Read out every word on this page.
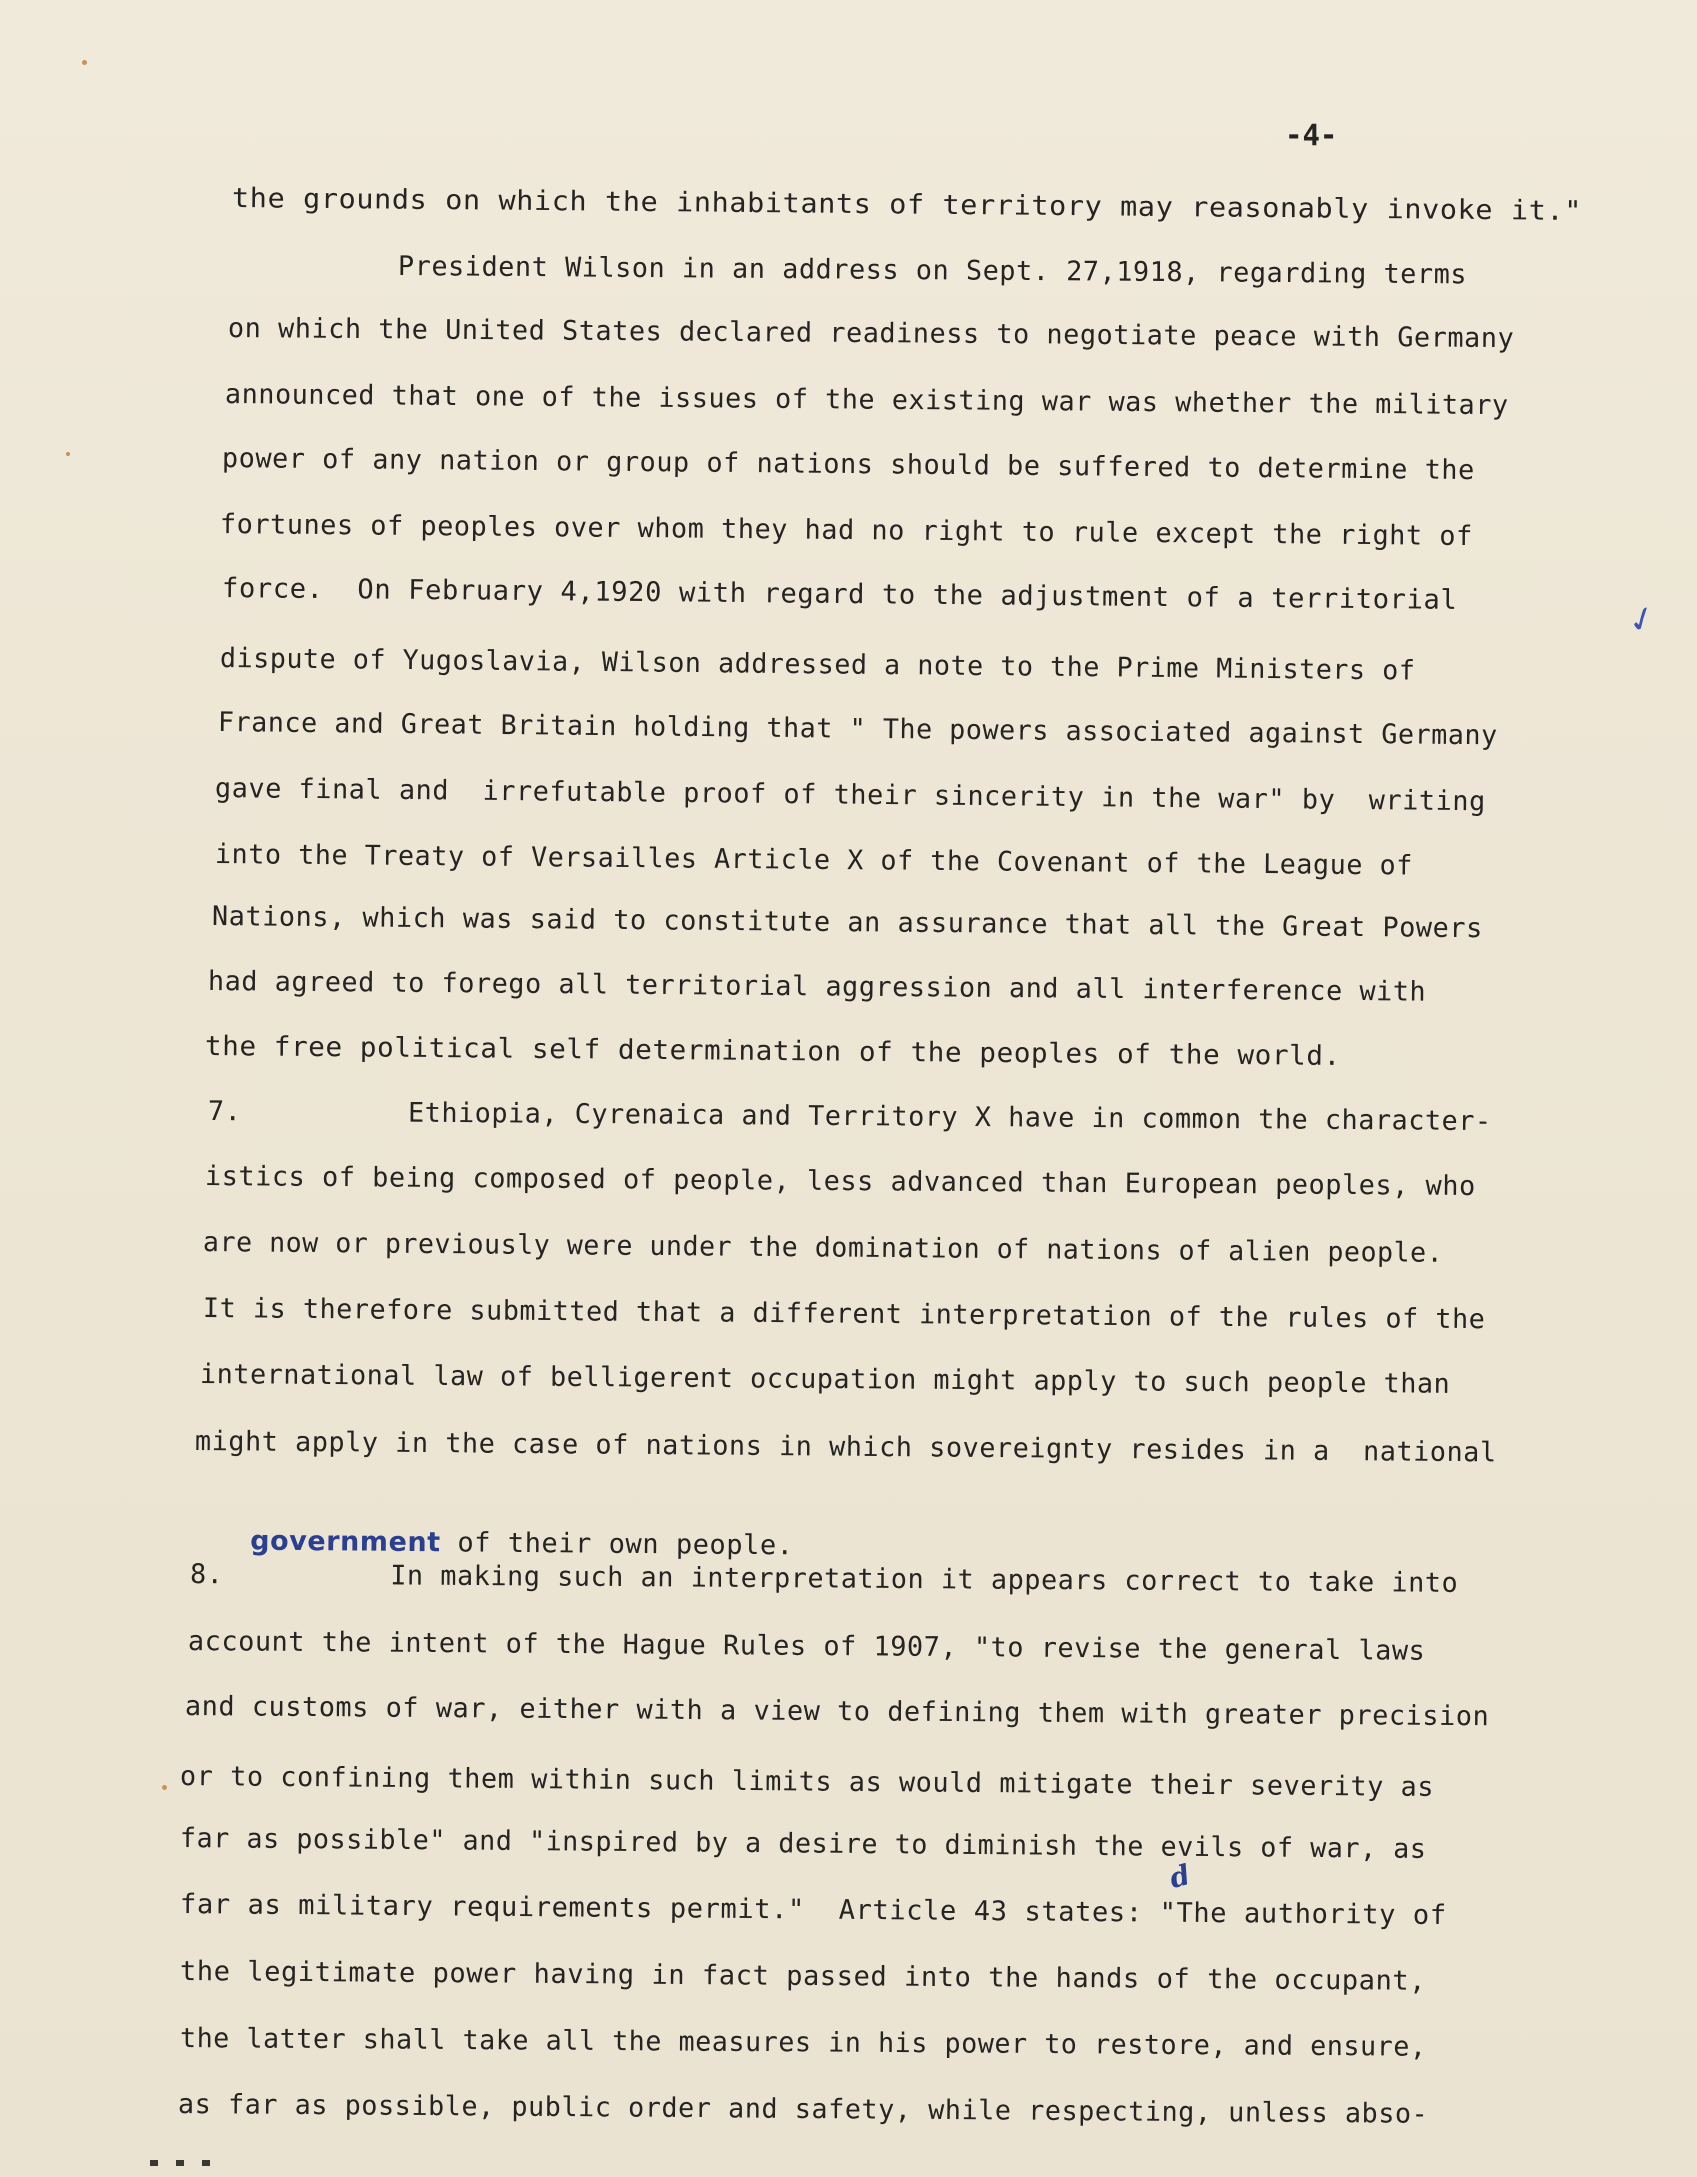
-4-
the grounds on which the inhabitants of territory may reasonably invoke it."
President Wilson in an address on Sept. 27,1918, regarding terms
on which the United States declared readiness to negotiate peace with Germany
announced that one of the issues of the existing war was whether the military
power of any nation or group of nations should be suffered to determine the
fortunes of peoples over whom they had no right to rule except the right of
force.  On February 4,1920 with regard to the adjustment of a territorial
dispute of Yugoslavia, Wilson addressed a note to the Prime Ministers of
France and Great Britain holding that " The powers associated against Germany
gave final and  irrefutable proof of their sincerity in the war" by  writing
into the Treaty of Versailles Article X of the Covenant of the League of
Nations, which was said to constitute an assurance that all the Great Powers
had agreed to forego all territorial aggression and all interference with
the free political self determination of the peoples of the world.
7.          Ethiopia, Cyrenaica and Territory X have in common the character-
istics of being composed of people, less advanced than European peoples, who
are now or previously were under the domination of nations of alien people.
It is therefore submitted that a different interpretation of the rules of the
international law of belligerent occupation might apply to such people than
might apply in the case of nations in which sovereignty resides in a  national

government of their own people.

8.          In making such an interpretation it appears correct to take into
account the intent of the Hague Rules of 1907, "to revise the general laws
and customs of war, either with a view to defining them with greater precision
or to confining them within such limits as would mitigate their severity as
far as possible" and "inspired by a desire to diminish the evils of war, as
far as military requirements permit."  Article 43 states: "The authority of
the legitimate power having in fact passed into the hands of the occupant,
the latter shall take all the measures in his power to restore, and ensure,
as far as possible, public order and safety, while respecting, unless abso-
✓
d
